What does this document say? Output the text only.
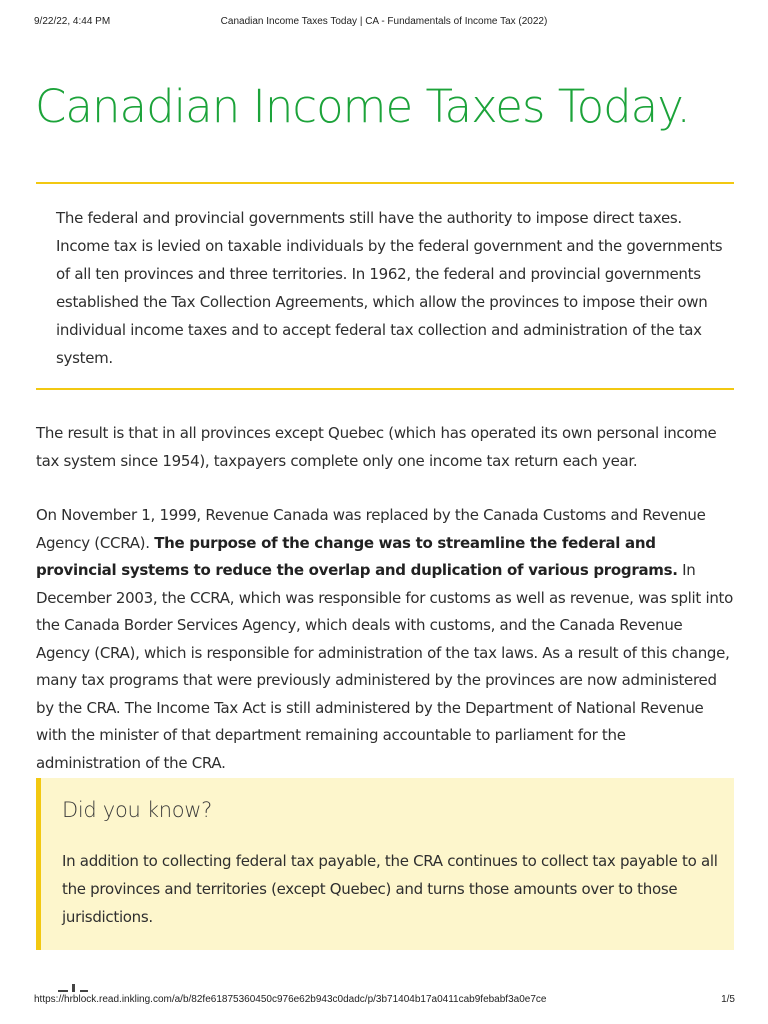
9/22/22, 4:44 PM	Canadian Income Taxes Today | CA - Fundamentals of Income Tax (2022)
Canadian Income Taxes Today.

The federal and provincial governments still have the authority to impose direct taxes. Income tax is levied on taxable individuals by the federal government and the governments of all ten provinces and three territories. In 1962, the federal and provincial governments established the Tax Collection Agreements, which allow the provinces to impose their own individual income taxes and to accept federal tax collection and administration of the tax system.

The result is that in all provinces except Quebec (which has operated its own personal income tax system since 1954), taxpayers complete only one income tax return each year.

On November 1, 1999, Revenue Canada was replaced by the Canada Customs and Revenue Agency (CCRA). The purpose of the change was to streamline the federal and provincial systems to reduce the overlap and duplication of various programs. In December 2003, the CCRA, which was responsible for customs as well as revenue, was split into the Canada Border Services Agency, which deals with customs, and the Canada Revenue Agency (CRA), which is responsible for administration of the tax laws. As a result of this change, many tax programs that were previously administered by the provinces are now administered by the CRA. The Income Tax Act is still administered by the Department of National Revenue with the minister of that department remaining accountable to parliament for the administration of the CRA.

Did you know?

In addition to collecting federal tax payable, the CRA continues to collect tax payable to all the provinces and territories (except Quebec) and turns those amounts over to those jurisdictions.

https://hrblock.read.inkling.com/a/b/82fe61875360450c976e62b943c0dadc/p/3b71404b17a0411cab9febabf3a0e7ce	1/5
